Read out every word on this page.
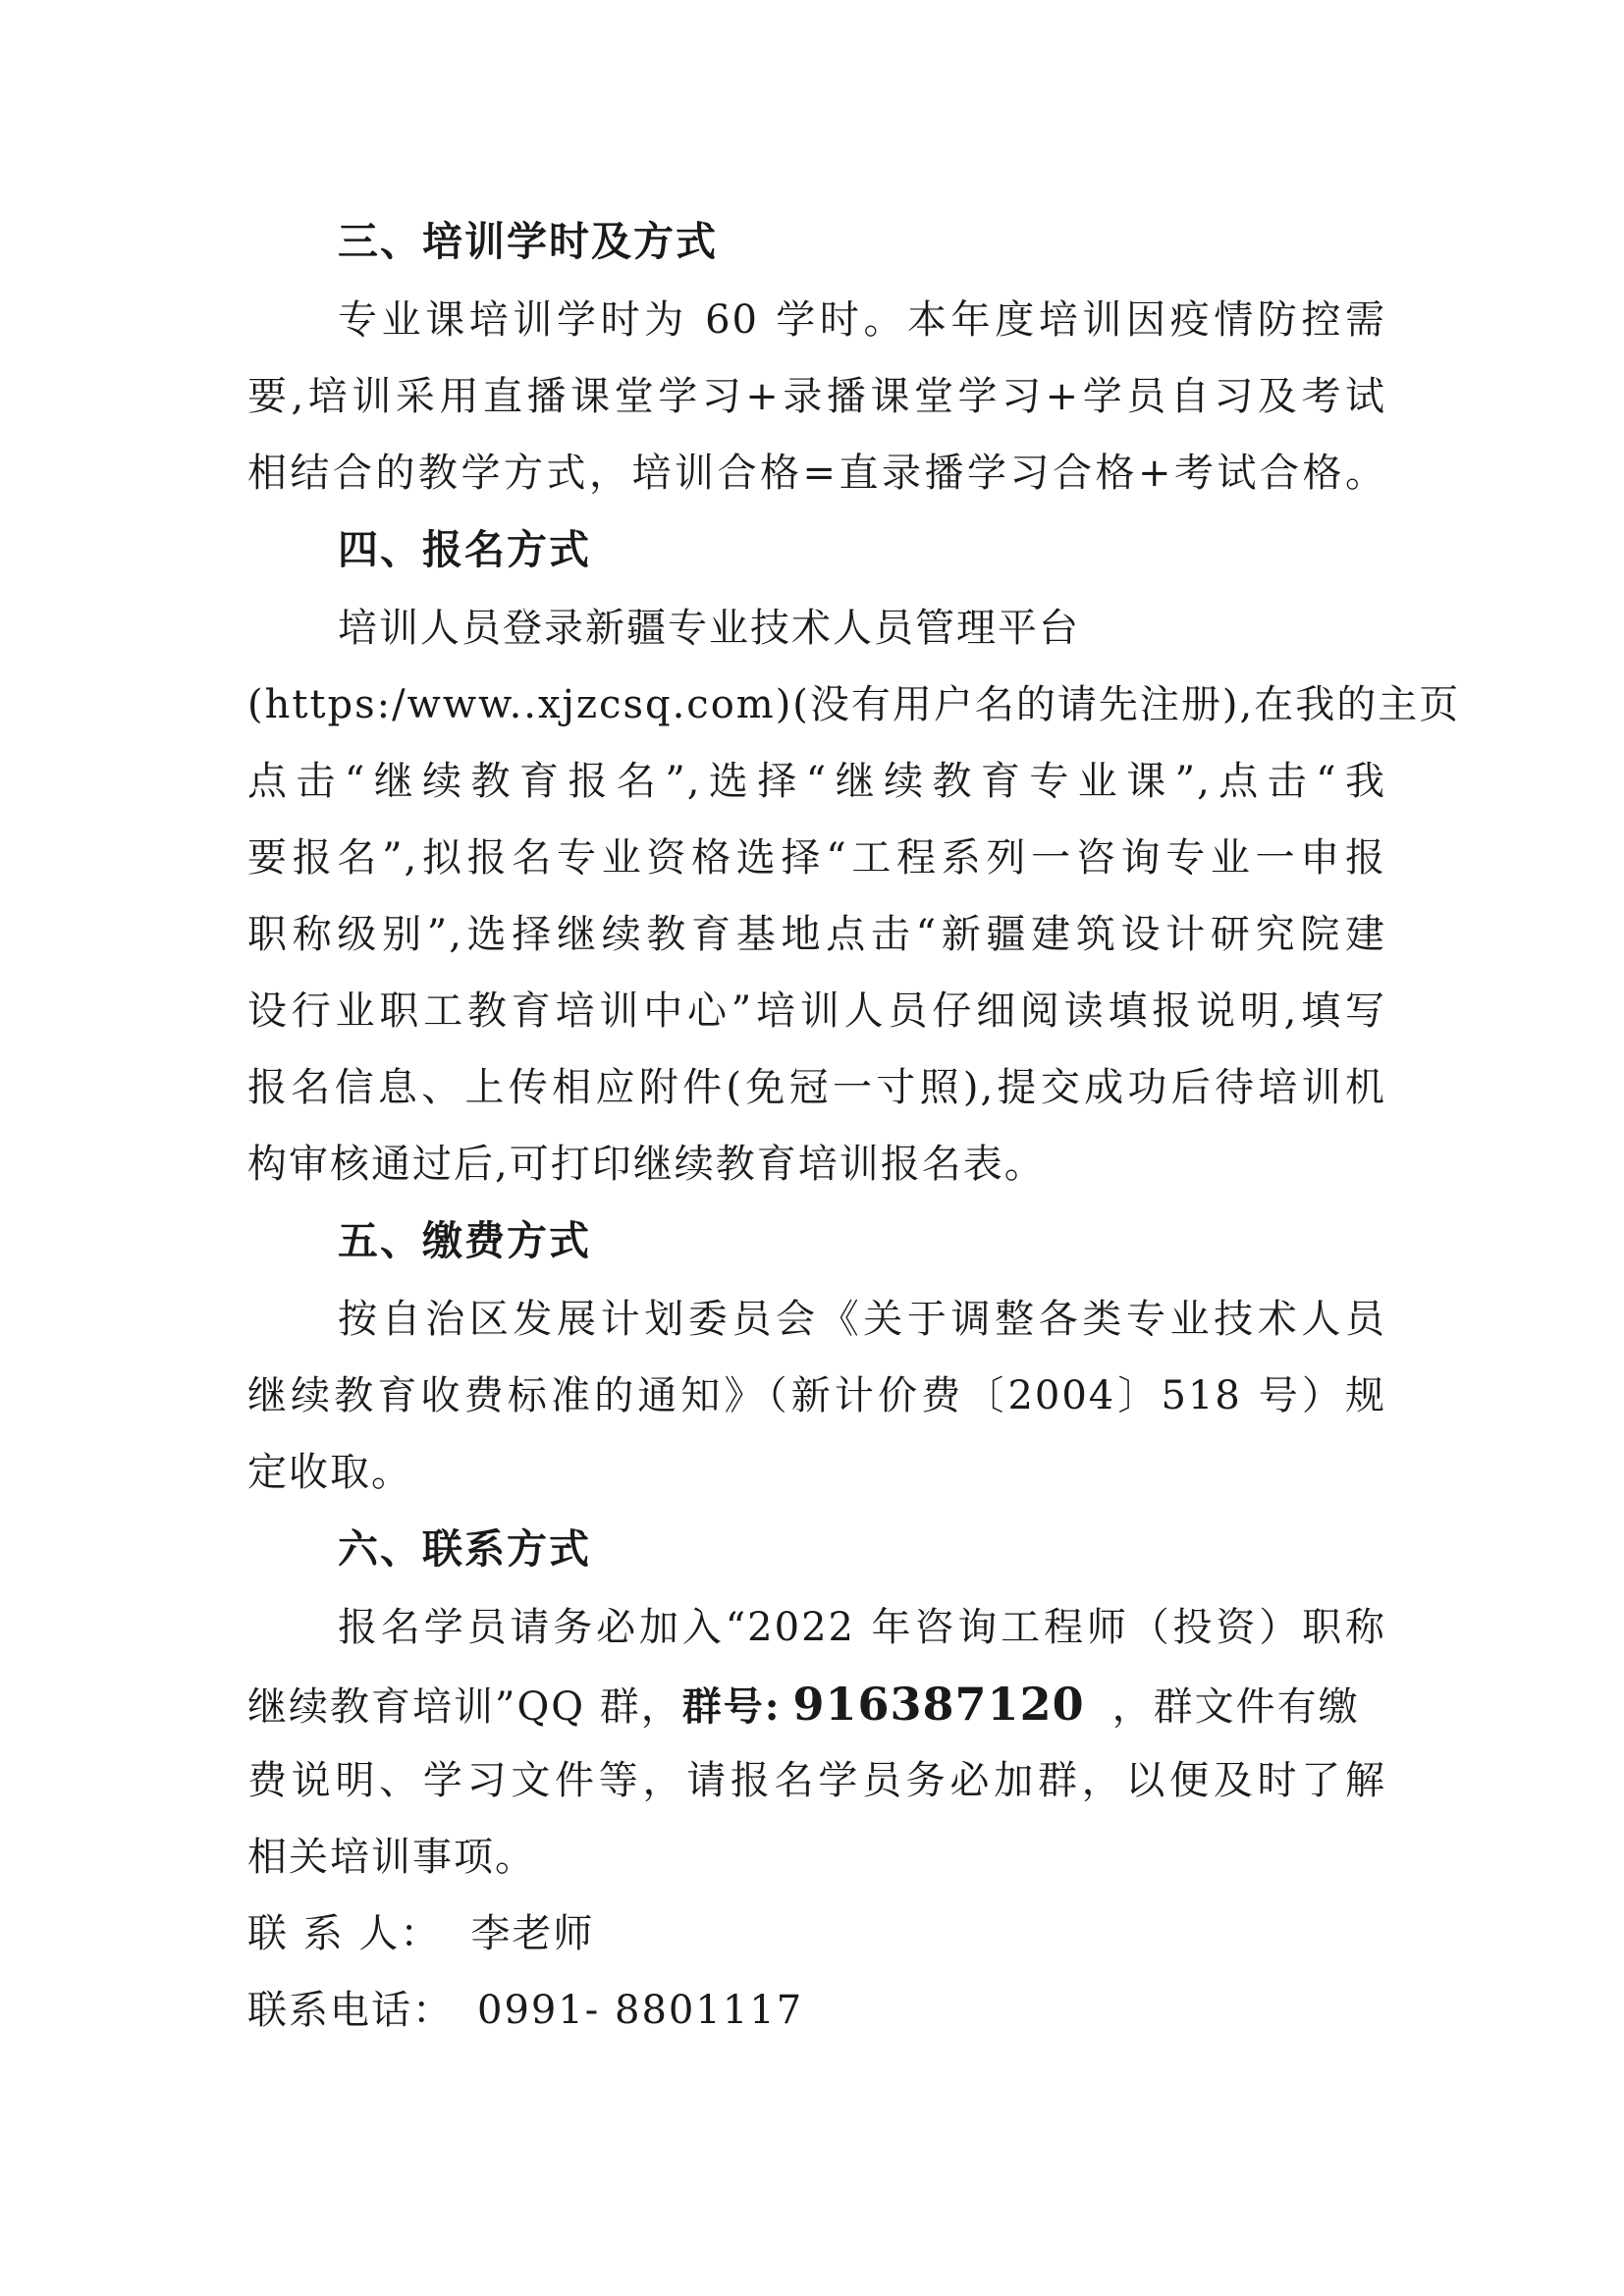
三、培训学时及方式
专业课培训学时为 60 学时。本年度培训因疫情防控需
要,培训采用直播课堂学习+录播课堂学习+学员自习及考试
相结合的教学方式，培训合格=直录播学习合格+考试合格。
四、报名方式
培训人员登录新疆专业技术人员管理平台
(https:/www..xjzcsq.com)(没有用户名的请先注册),在我的主页
点击“继续教育报名”,选择“继续教育专业课”,点击“我
要报名”,拟报名专业资格选择“工程系列一咨询专业一申报
职称级别”,选择继续教育基地点击“新疆建筑设计研究院建
设行业职工教育培训中心”培训人员仔细阅读填报说明,填写
报名信息、上传相应附件(免冠一寸照),提交成功后待培训机
构审核通过后,可打印继续教育培训报名表。
五、缴费方式
按自治区发展计划委员会《关于调整各类专业技术人员
继续教育收费标准的通知》（新计价费〔2004〕518 号）规
定收取。
六、联系方式
报名学员请务必加入“2022 年咨询工程师（投资）职称
继续教育培训”QQ 群，群号: 916387120 ，群文件有缴
费说明、学习文件等，请报名学员务必加群，以便及时了解
相关培训事项。
联 系 人： 李老师
联系电话： 0991- 8801117
